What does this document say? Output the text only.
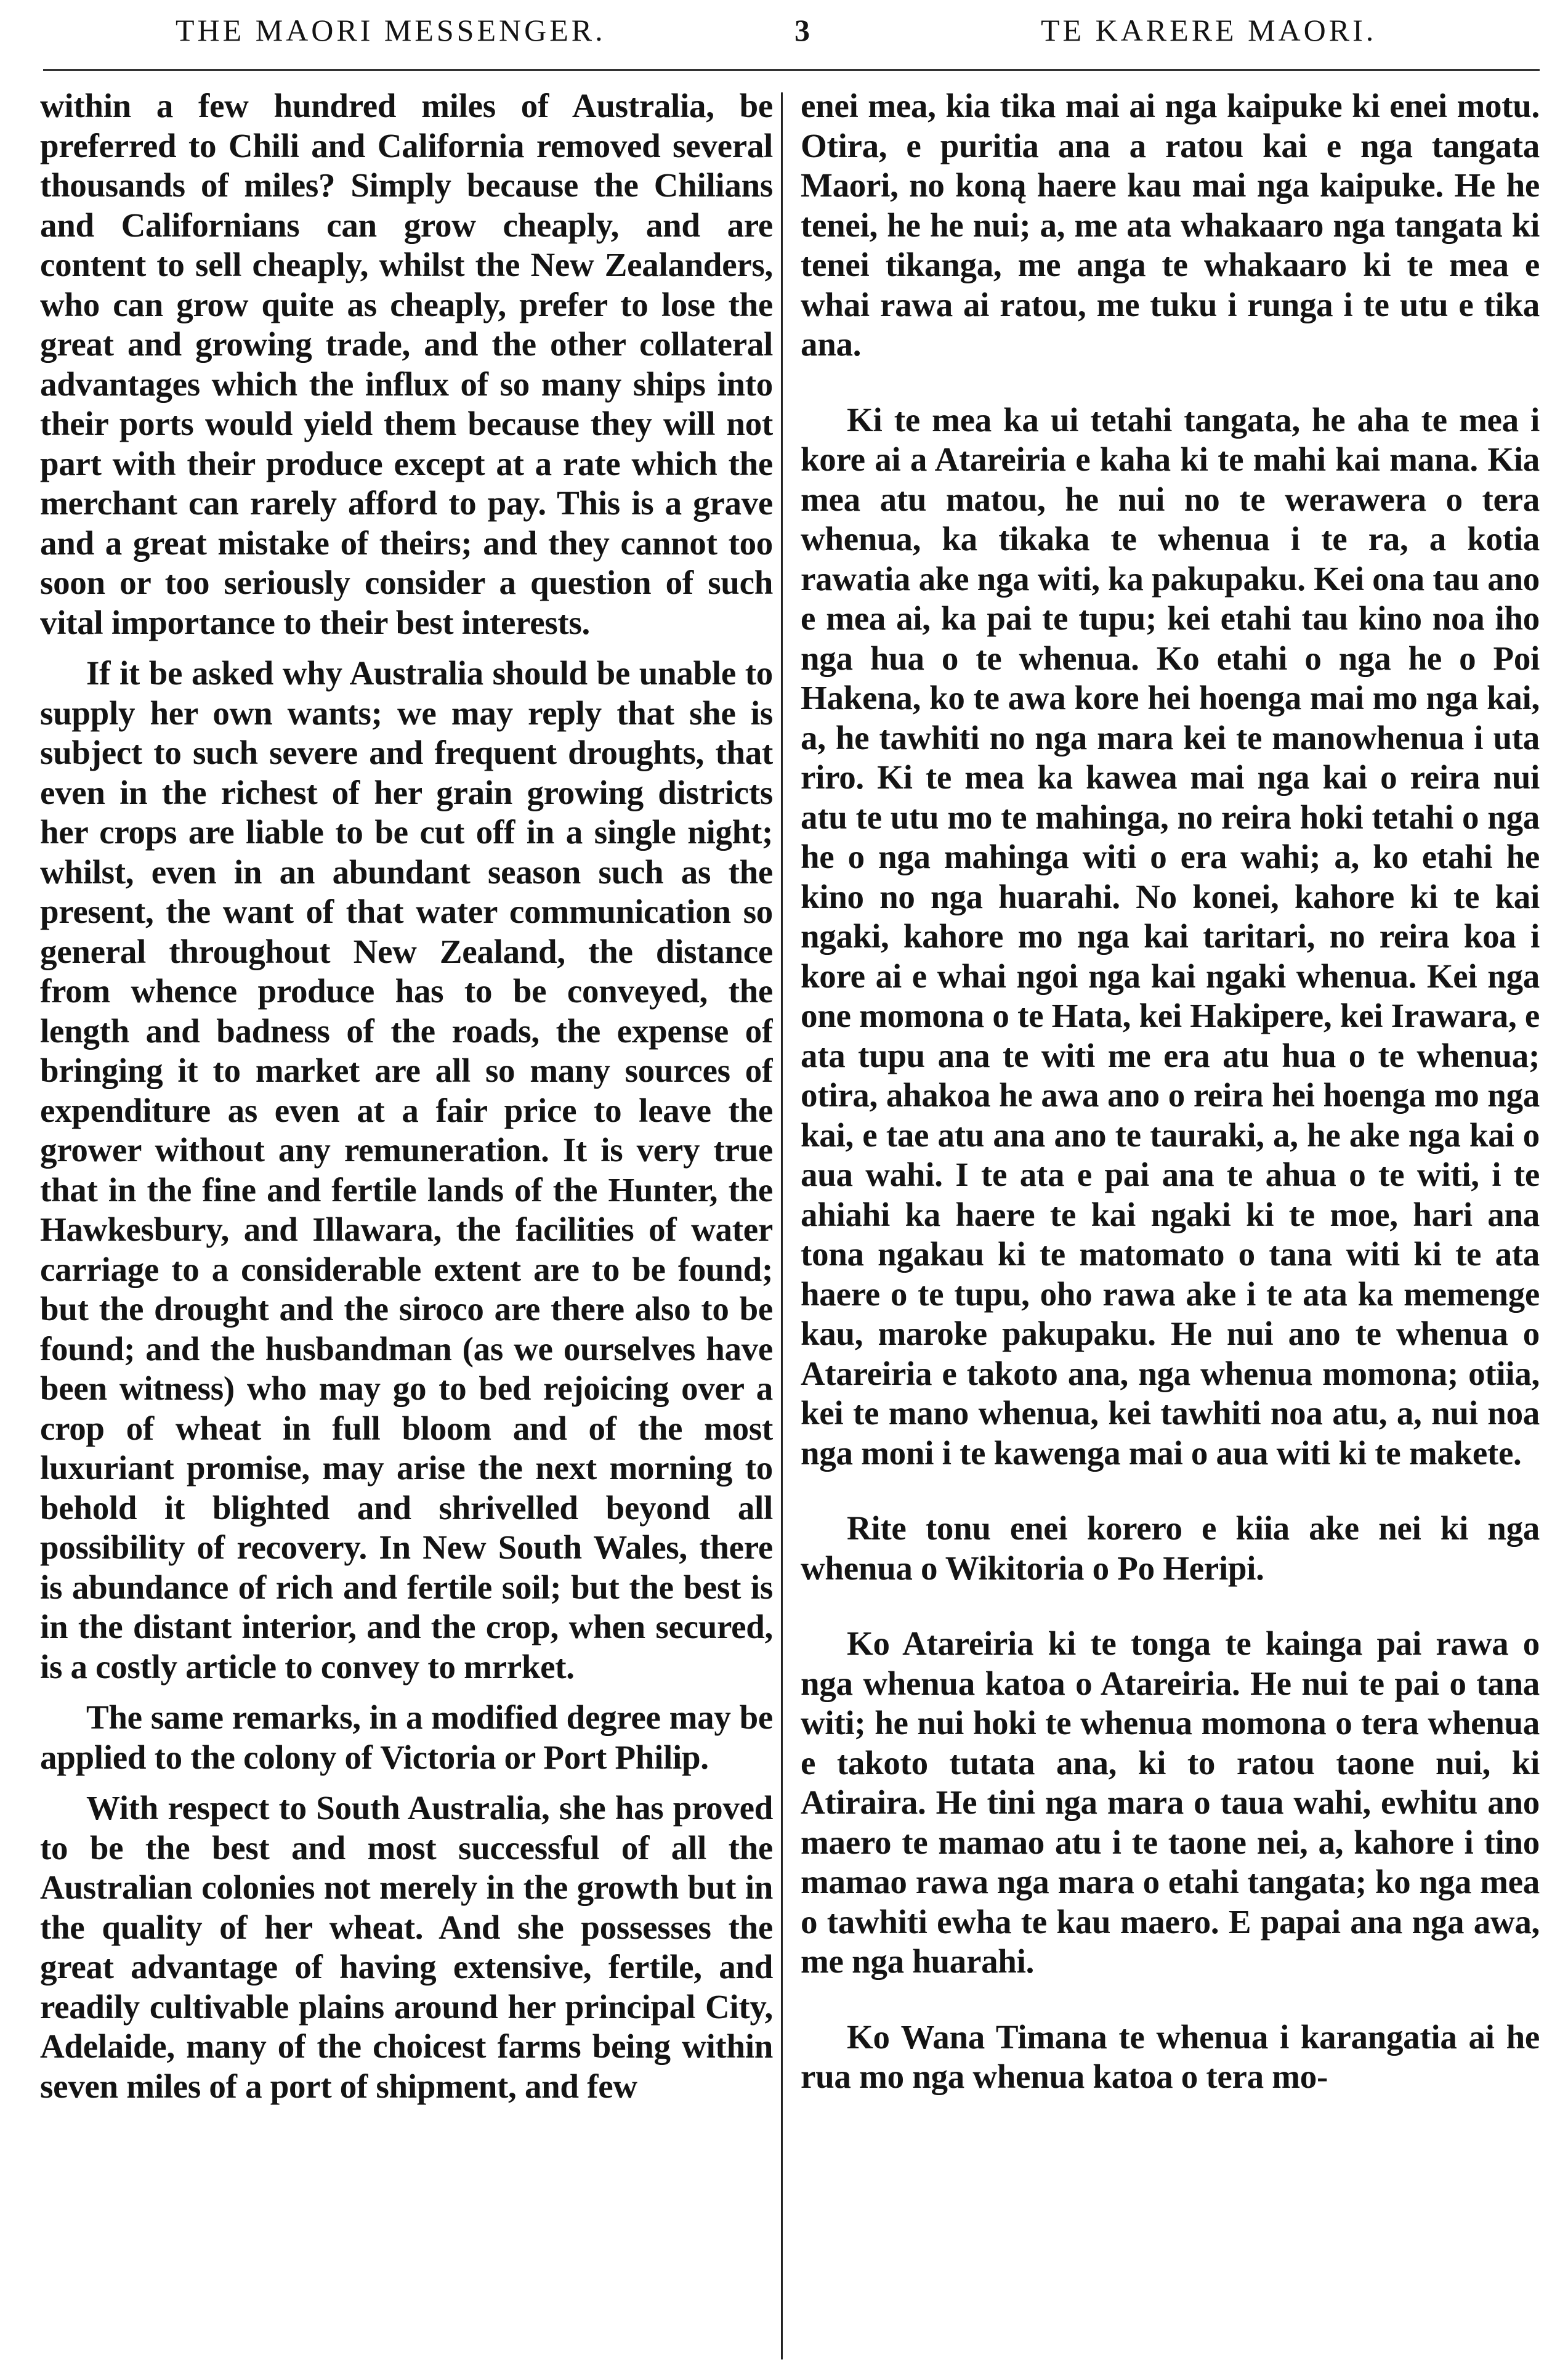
THE MAORI MESSENGER.	3	TE KARERE MAORI.

within a few hundred miles of Australia, be preferred to Chili and California removed several thousands of miles? Simply because the Chilians and Californians can grow cheaply, and are content to sell cheaply, whilst the New Zealanders, who can grow quite as cheaply, prefer to lose the great and growing trade, and the other collateral advantages which the influx of so many ships into their ports would yield them because they will not part with their produce except at a rate which the merchant can rarely afford to pay. This is a grave and a great mistake of theirs; and they cannot too soon or too seriously consider a question of such vital importance to their best interests.

If it be asked why Australia should be unable to supply her own wants; we may reply that she is subject to such severe and frequent droughts, that even in the richest of her grain growing districts her crops are liable to be cut off in a single night; whilst, even in an abundant season such as the present, the want of that water communication so general throughout New Zealand, the distance from whence produce has to be conveyed, the length and badness of the roads, the expense of bringing it to market are all so many sources of expenditure as even at a fair price to leave the grower without any remuneration. It is very true that in the fine and fertile lands of the Hunter, the Hawkesbury, and Illawara, the facilities of water carriage to a considerable extent are to be found; but the drought and the siroco are there also to be found; and the husbandman (as we ourselves have been witness) who may go to bed rejoicing over a crop of wheat in full bloom and of the most luxuriant promise, may arise the next morning to behold it blighted and shrivelled beyond all possibility of recovery. In New South Wales, there is abundance of rich and fertile soil; but the best is in the distant interior, and the crop, when secured, is a costly article to convey to mrrket.

The same remarks, in a modified degree may be applied to the colony of Victoria or Port Philip.

With respect to South Australia, she has proved to be the best and most successful of all the Australian colonies not merely in the growth but in the quality of her wheat. And she possesses the great advantage of having extensive, fertile, and readily cultivable plains around her principal City, Adelaide, many of the choicest farms being within seven miles of a port of shipment, and few

enei mea, kia tika mai ai nga kaipuke ki enei motu. Otira, e puritia ana a ratou kai e nga tangata Maori, no koną haere kau mai nga kaipuke. He he tenei, he he nui; a, me ata whakaaro nga tangata ki tenei tikanga, me anga te whakaaro ki te mea e whai rawa ai ratou, me tuku i runga i te utu e tika ana.

Ki te mea ka ui tetahi tangata, he aha te mea i kore ai a Atareiria e kaha ki te mahi kai mana. Kia mea atu matou, he nui no te werawera o tera whenua, ka tikaka te whenua i te ra, a kotia rawatia ake nga witi, ka pakupaku. Kei ona tau ano e mea ai, ka pai te tupu; kei etahi tau kino noa iho nga hua o te whenua. Ko etahi o nga he o Poi Hakena, ko te awa kore hei hoenga mai mo nga kai, a, he tawhiti no nga mara kei te manowhenua i uta riro. Ki te mea ka kawea mai nga kai o reira nui atu te utu mo te mahinga, no reira hoki tetahi o nga he o nga mahinga witi o era wahi; a, ko etahi he kino no nga huarahi. No konei, kahore ki te kai ngaki, kahore mo nga kai taritari, no reira koa i kore ai e whai ngoi nga kai ngaki whenua. Kei nga one momona o te Hata, kei Hakipere, kei Irawara, e ata tupu ana te witi me era atu hua o te whenua; otira, ahakoa he awa ano o reira hei hoenga mo nga kai, e tae atu ana ano te tauraki, a, he ake nga kai o aua wahi. I te ata e pai ana te ahua o te witi, i te ahiahi ka haere te kai ngaki ki te moe, hari ana tona ngakau ki te matomato o tana witi ki te ata haere o te tupu, oho rawa ake i te ata ka memenge kau, maroke pakupaku. He nui ano te whenua o Atareiria e takoto ana, nga whenua momona; otiia, kei te mano whenua, kei tawhiti noa atu, a, nui noa nga moni i te kawenga mai o aua witi ki te makete.

Rite tonu enei korero e kiia ake nei ki nga whenua o Wikitoria o Po Heripi.

Ko Atareiria ki te tonga te kainga pai rawa o nga whenua katoa o Atareiria. He nui te pai o tana witi; he nui hoki te whenua momona o tera whenua e takoto tutata ana, ki to ratou taone nui, ki Atiraira. He tini nga mara o taua wahi, ewhitu ano maero te mamao atu i te taone nei, a, kahore i tino mamao rawa nga mara o etahi tangata; ko nga mea o tawhiti ewha te kau maero. E papai ana nga awa, me nga huarahi.

Ko Wana Timana te whenua i karangatia ai he rua mo nga whenua katoa o tera mo-
